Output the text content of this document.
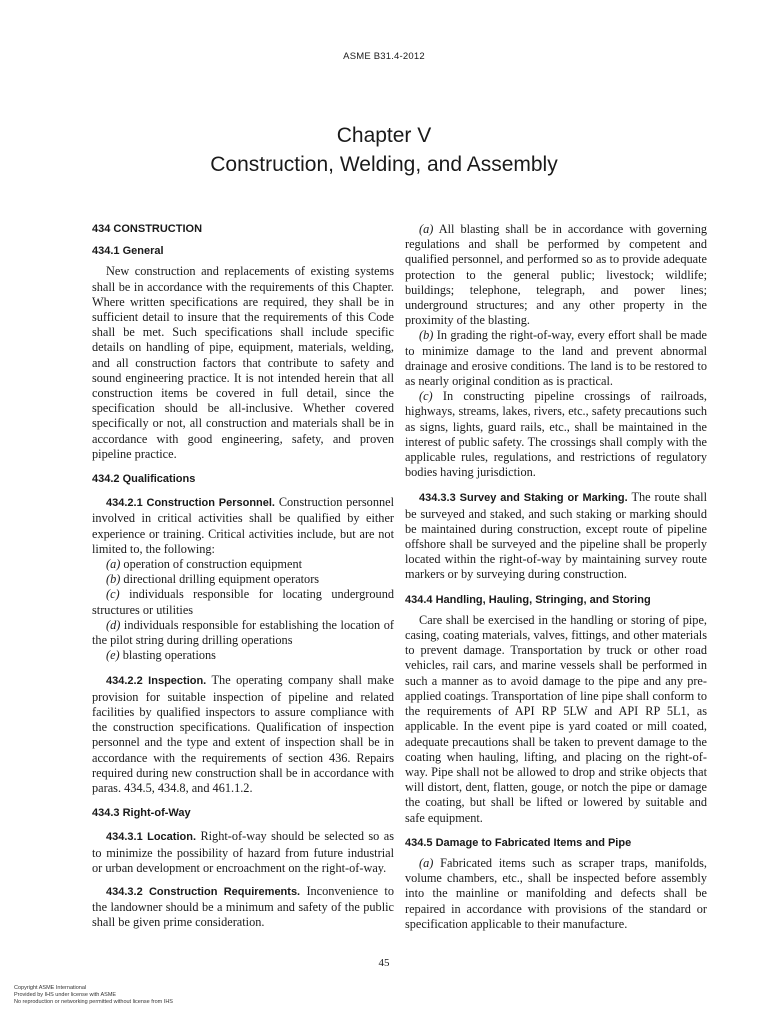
ASME B31.4-2012
Chapter V
Construction, Welding, and Assembly
434 CONSTRUCTION
434.1 General

New construction and replacements of existing systems shall be in accordance with the requirements of this Chapter. Where written specifications are required, they shall be in sufficient detail to insure that the requirements of this Code shall be met. Such specifications shall include specific details on handling of pipe, equipment, materials, welding, and all construction factors that contribute to safety and sound engineering practice. It is not intended herein that all construction items be covered in full detail, since the specification should be all-inclusive. Whether covered specifically or not, all construction and materials shall be in accordance with good engineering, safety, and proven pipeline practice.

434.2 Qualifications

434.2.1 Construction Personnel. Construction personnel involved in critical activities shall be qualified by either experience or training. Critical activities include, but are not limited to, the following:

(a) operation of construction equipment

(b) directional drilling equipment operators

(c) individuals responsible for locating underground structures or utilities

(d) individuals responsible for establishing the location of the pilot string during drilling operations

(e) blasting operations

434.2.2 Inspection. The operating company shall make provision for suitable inspection of pipeline and related facilities by qualified inspectors to assure compliance with the construction specifications. Qualification of inspection personnel and the type and extent of inspection shall be in accordance with the requirements of section 436. Repairs required during new construction shall be in accordance with paras. 434.5, 434.8, and 461.1.2.

434.3 Right-of-Way

434.3.1 Location. Right-of-way should be selected so as to minimize the possibility of hazard from future industrial or urban development or encroachment on the right-of-way.

434.3.2 Construction Requirements. Inconvenience to the landowner should be a minimum and safety of the public shall be given prime consideration.

(a) All blasting shall be in accordance with governing regulations and shall be performed by competent and qualified personnel, and performed so as to provide adequate protection to the general public; livestock; wildlife; buildings; telephone, telegraph, and power lines; underground structures; and any other property in the proximity of the blasting.

(b) In grading the right-of-way, every effort shall be made to minimize damage to the land and prevent abnormal drainage and erosive conditions. The land is to be restored to as nearly original condition as is practical.

(c) In constructing pipeline crossings of railroads, highways, streams, lakes, rivers, etc., safety precautions such as signs, lights, guard rails, etc., shall be maintained in the interest of public safety. The crossings shall comply with the applicable rules, regulations, and restrictions of regulatory bodies having jurisdiction.

434.3.3 Survey and Staking or Marking. The route shall be surveyed and staked, and such staking or marking should be maintained during construction, except route of pipeline offshore shall be surveyed and the pipeline shall be properly located within the right-of-way by maintaining survey route markers or by surveying during construction.

434.4 Handling, Hauling, Stringing, and Storing

Care shall be exercised in the handling or storing of pipe, casing, coating materials, valves, fittings, and other materials to prevent damage. Transportation by truck or other road vehicles, rail cars, and marine vessels shall be performed in such a manner as to avoid damage to the pipe and any pre-applied coatings. Transportation of line pipe shall conform to the requirements of API RP 5LW and API RP 5L1, as applicable. In the event pipe is yard coated or mill coated, adequate precautions shall be taken to prevent damage to the coating when hauling, lifting, and placing on the right-of-way. Pipe shall not be allowed to drop and strike objects that will distort, dent, flatten, gouge, or notch the pipe or damage the coating, but shall be lifted or lowered by suitable and safe equipment.

434.5 Damage to Fabricated Items and Pipe

(a) Fabricated items such as scraper traps, manifolds, volume chambers, etc., shall be inspected before assembly into the mainline or manifolding and defects shall be repaired in accordance with provisions of the standard or specification applicable to their manufacture.

45
Copyright ASME International
Provided by IHS under license with ASME
No reproduction or networking permitted without license from IHS
